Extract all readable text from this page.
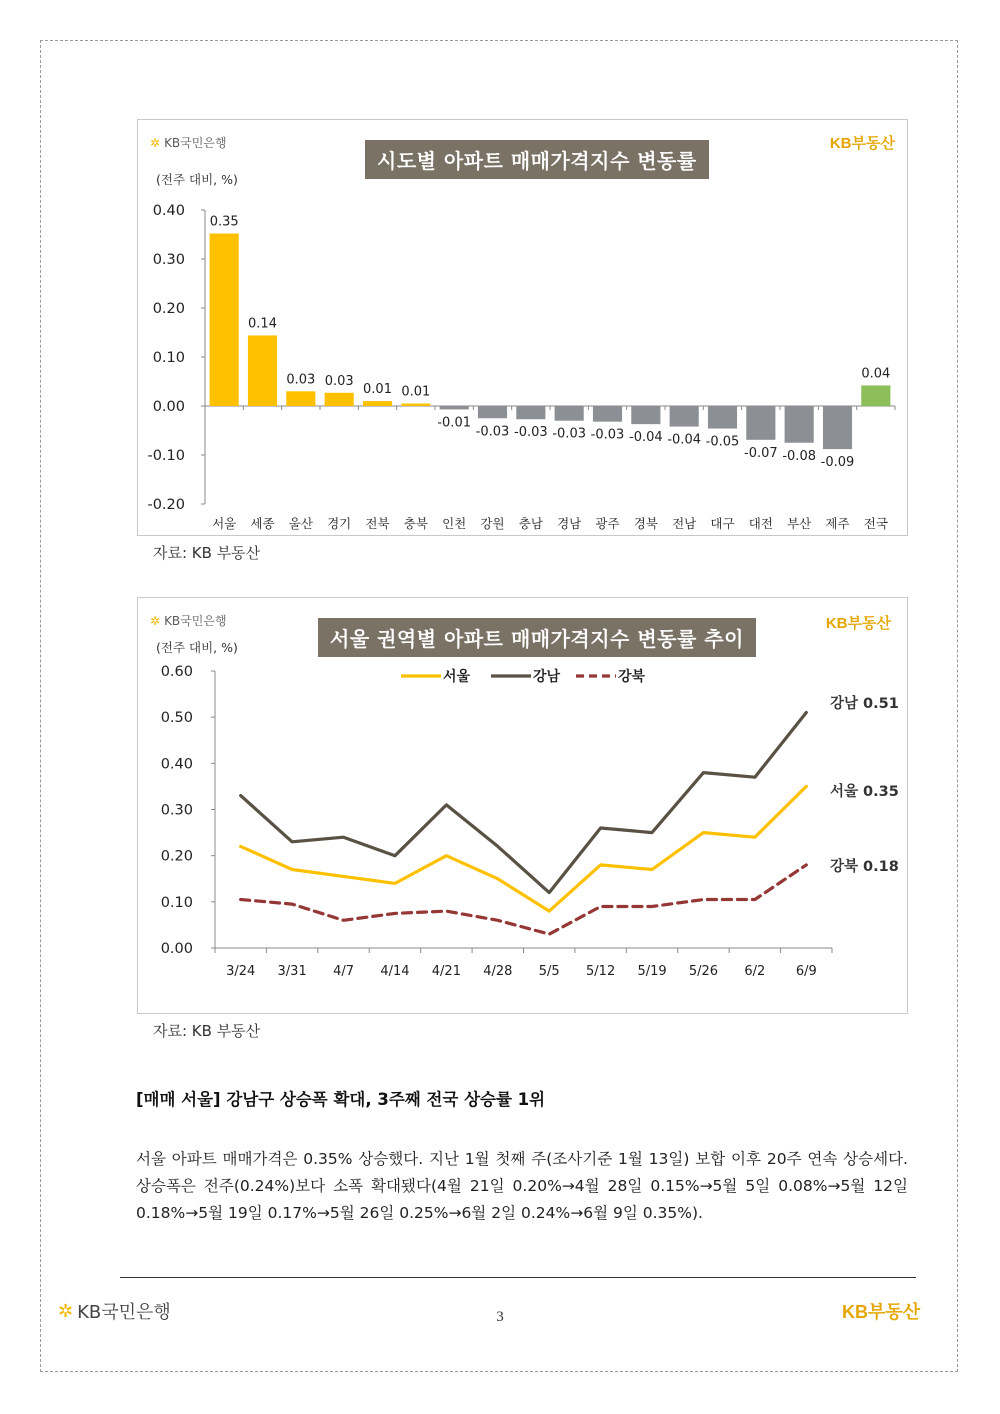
✲ KB국민은행	KB부동산
(전주 대비, %)
시도별 아파트 매매가격지수 변동률
0.40
0.30
0.20
0.10
0.00
-0.10
-0.20
0.35
서울
0.14
세종
0.03
울산
0.03
경기
0.01
전북
0.01
충북
-0.01
인천
-0.03
강원
-0.03
충남
-0.03
경남
-0.03
광주
-0.04
경북
-0.04
전남
-0.05
대구
-0.07
대전
-0.08
부산
-0.09
제주
0.04
전국
자료: KB 부동산
✲ KB국민은행	KB부동산
(전주 대비, %)	서울 권역별 아파트 매매가격지수 변동률 추이
0.60
0.50
0.40
0.30
0.20
0.10
0.00
3/24 3/31 4/7 4/14 4/21 4/28 5/5 5/12 5/19 5/26 6/2 6/9
서울	강남	강북
강남 0.51
서울 0.35
강북 0.18
자료: KB 부동산
[매매 서울] 강남구 상승폭 확대, 3주째 전국 상승률 1위

서울 아파트 매매가격은 0.35% 상승했다. 지난 1월 첫째 주(조사기준 1월 13일) 보합 이후 20주 연속 상승세다. 상승폭은 전주(0.24%)보다 소폭 확대됐다(4월 21일 0.20%→4월 28일 0.15%→5월 5일 0.08%→5월 12일 0.18%→5월 19일 0.17%→5월 26일 0.25%→6월 2일 0.24%→6월 9일 0.35%).

✲ KB국민은행	3	KB부동산
